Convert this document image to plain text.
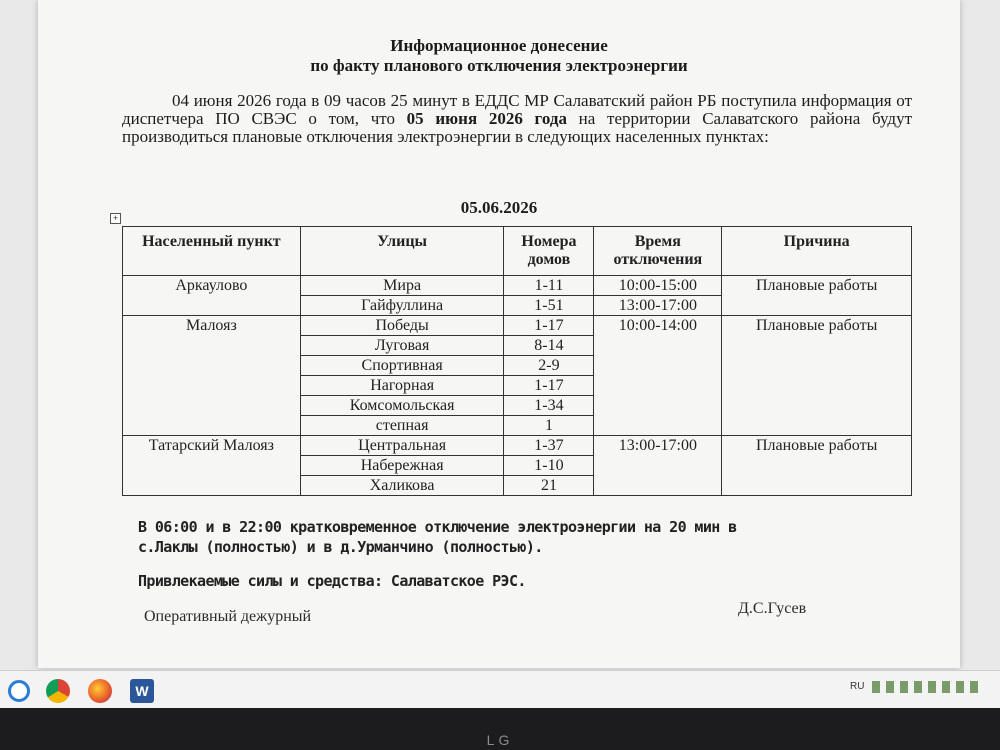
Информационное донесение
по факту планового отключения электроэнергии
04 июня 2026 года в 09 часов 25 минут в ЕДДС МР Салаватский район РБ поступила информация от диспетчера ПО СВЭС о том, что 05 июня 2026 года на территории Салаватского района будут производиться плановые отключения электроэнергии в следующих населенных пунктах:
05.06.2026
+
Населенный пункт	Улицы	Номера домов	Время отключения	Причина
Аркаулово	Мира	1-11	10:00-15:00	Плановые работы
	Гайфуллина	1-51	13:00-17:00	
Малояз	Победы	1-17	10:00-14:00	Плановые работы
	Луговая	8-14		
	Спортивная	2-9		
	Нагорная	1-17		
	Комсомольская	1-34		
	степная	1		
Татарский Малояз	Центральная	1-37	13:00-17:00	Плановые работы
	Набережная	1-10		
	Халикова	21		
В 06:00 и в 22:00 кратковременное отключение электроэнергии на 20 мин в
с.Лаклы (полностью) и в д.Урманчино (полностью).
Привлекаемые силы и средства: Салаватское РЭС.
Оперативный дежурный	Д.С.Гусев
W	RU
LG
